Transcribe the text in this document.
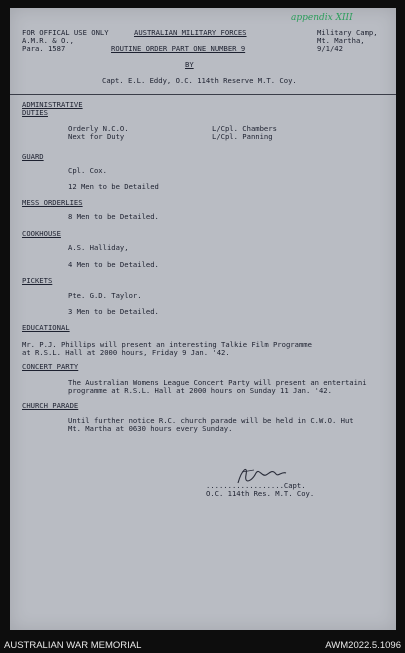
appendix XIII
FOR OFFICAL USE ONLY
A.M.R. & O.,
Para. 1587
AUSTRALIAN MILITARY FORCES
ROUTINE ORDER PART ONE NUMBER 9
BY
Military Camp,
Mt. Martha,
9/1/42
Capt. E.L. Eddy, O.C. 114th Reserve M.T. Coy.
ADMINISTRATIVE
DUTIES
Orderly N.C.O.	L/Cpl. Chambers
Next for Duty	L/Cpl. Panning
GUARD
Cpl. Cox.
12 Men to be Detailed
MESS ORDERLIES
8 Men to be Detailed.
COOKHOUSE
A.S. Halliday,
4 Men to be Detailed.
PICKETS
Pte. G.D. Taylor.
3 Men to be Detailed.
EDUCATIONAL
Mr. P.J. Phillips will present an interesting Talkie Film Programme
at R.S.L. Hall at 2000 hours, Friday 9 Jan. '42.
CONCERT PARTY
The Australian Womens League Concert Party will present an entertaini
programme at R.S.L. Hall at 2000 hours on Sunday 11 Jan. '42.
CHURCH PARADE
Until further notice R.C. church parade will be held in C.W.O. Hut
Mt. Martha at 0630 hours every Sunday.
..................Capt.
O.C. 114th Res. M.T. Coy.
AUSTRALIAN WAR MEMORIAL	AWM2022.5.1096
